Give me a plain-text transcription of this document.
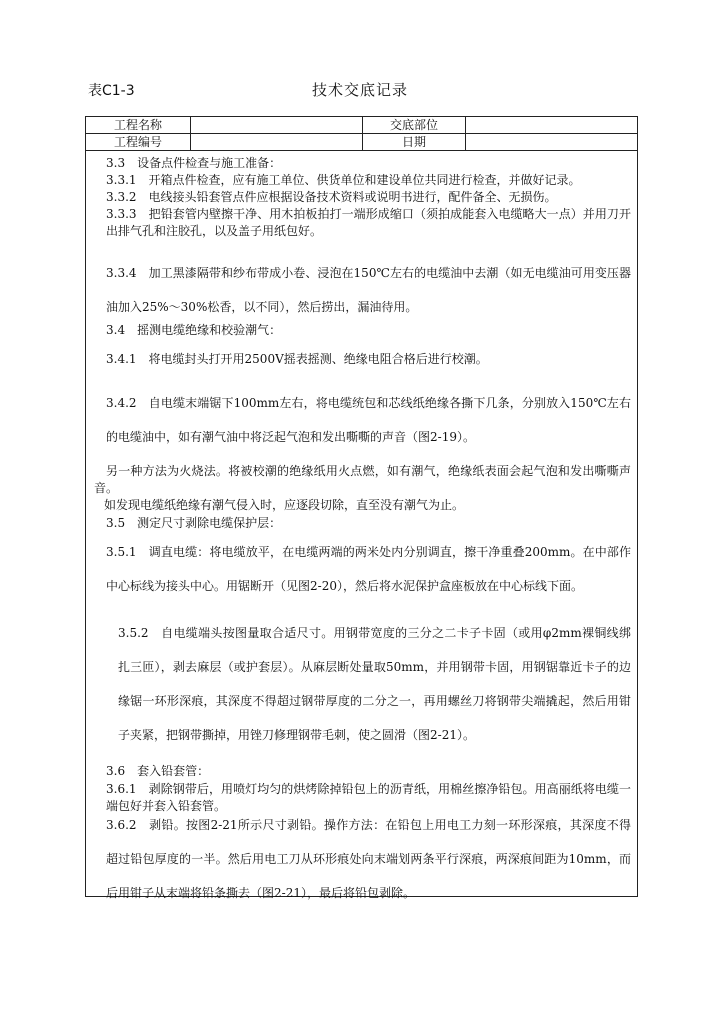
表C1-3	技术交底记录
工程名称	交底部位
工程编号	日期
3.3　设备点件检查与施工准备：
3.3.1　开箱点件检查，应有施工单位、供货单位和建设单位共同进行检查，并做好记录。
3.3.2　电线接头铅套管点件应根据设备技术资料或说明书进行，配件备全、无损伤。
3.3.3　把铅套管内壁擦干净、用木拍板拍打一端形成缩口（须拍成能套入电缆略大一点）并用刀开出排气孔和注胶孔，以及盖子用纸包好。
3.3.4　加工黑漆隔带和纱布带成小卷、浸泡在150℃左右的电缆油中去潮（如无电缆油可用变压器油加入25%～30%松香，以不同），然后捞出，漏油待用。
3.4　摇测电缆绝缘和校验潮气：
3.4.1　将电缆封头打开用2500V摇表摇测、绝缘电阻合格后进行校潮。
3.4.2　自电缆末端锯下100mm左右，将电缆统包和芯线纸绝缘各撕下几条，分别放入150℃左右的电缆油中，如有潮气油中将泛起气泡和发出嘶嘶的声音（图2-19）。
另一种方法为火烧法。将被校潮的绝缘纸用火点燃，如有潮气，绝缘纸表面会起气泡和发出嘶嘶声音。
如发现电缆纸绝缘有潮气侵入时，应逐段切除，直至没有潮气为止。
3.5　测定尺寸剥除电缆保护层：
3.5.1　调直电缆：将电缆放平，在电缆两端的两米处内分别调直，擦干净重叠200mm。在中部作中心标线为接头中心。用锯断开（见图2-20），然后将水泥保护盒座板放在中心标线下面。
3.5.2　自电缆端头按图量取合适尺寸。用钢带宽度的三分之二卡子卡固（或用φ2mm裸铜线绑扎三匝），剥去麻层（或护套层）。从麻层断处量取50mm，并用钢带卡固，用钢锯靠近卡子的边缘锯一环形深痕，其深度不得超过钢带厚度的二分之一，再用螺丝刀将钢带尖端撬起，然后用钳子夹紧，把钢带撕掉，用锉刀修理钢带毛刺，使之圆滑（图2-21）。
3.6　套入铅套管：
3.6.1　剥除钢带后，用喷灯均匀的烘烤除掉铅包上的沥青纸，用棉丝擦净铅包。用高丽纸将电缆一端包好并套入铅套管。
3.6.2　剥铅。按图2-21所示尺寸剥铅。操作方法：在铅包上用电工力刻一环形深痕，其深度不得超过铅包厚度的一半。然后用电工刀从环形痕处向末端划两条平行深痕，两深痕间距为10mm，而后用钳子从末端将铅条撕去（图2-21），最后将铅包剥除。
